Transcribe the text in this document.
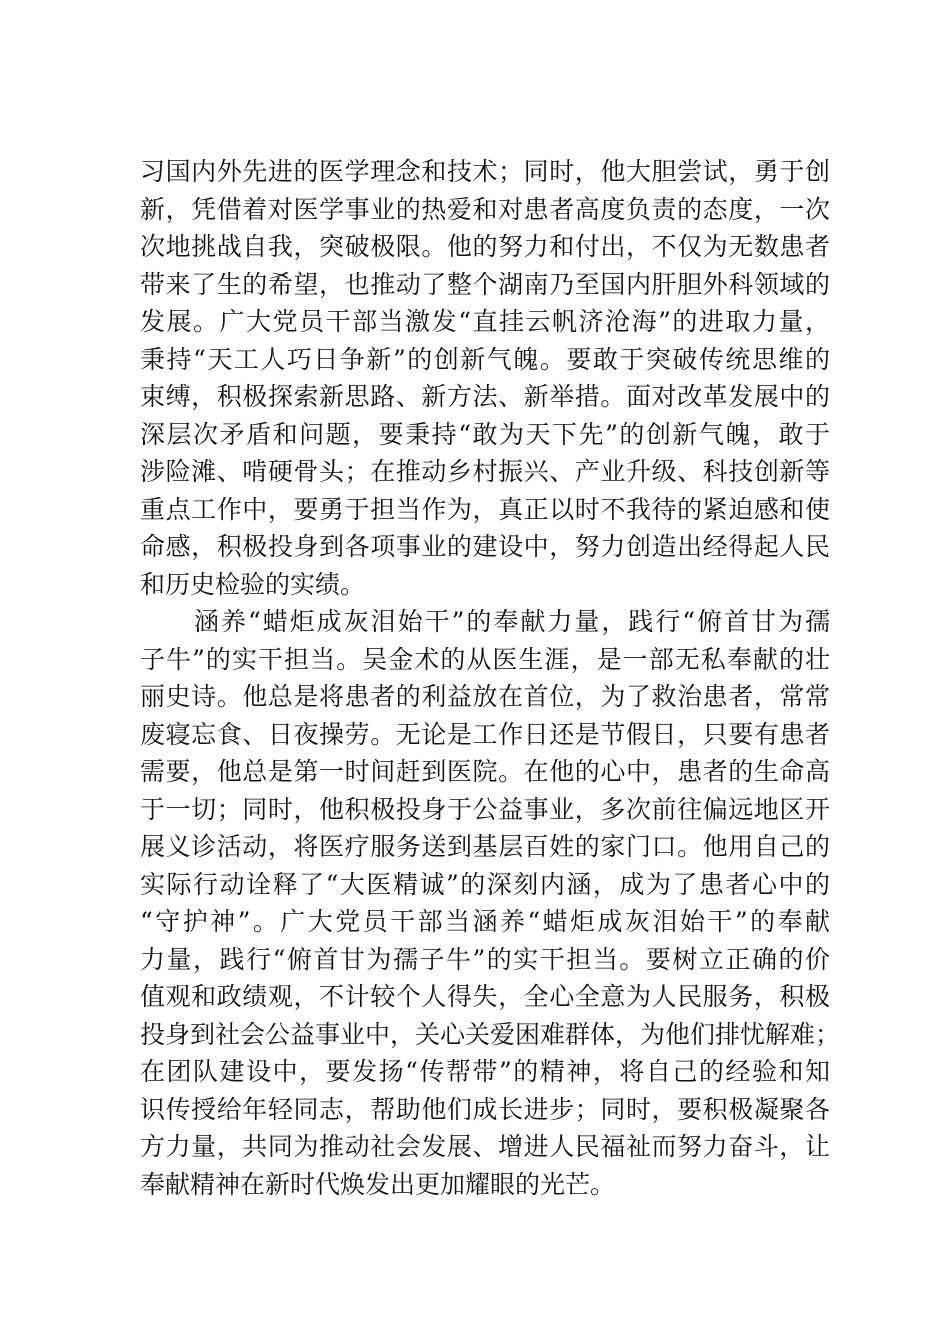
习国内外先进的医学理念和技术；同时，他大胆尝试，勇于创
新，凭借着对医学事业的热爱和对患者高度负责的态度，一次
次地挑战自我，突破极限。他的努力和付出，不仅为无数患者
带来了生的希望，也推动了整个湖南乃至国内肝胆外科领域的
发展。广大党员干部当激发“直挂云帆济沧海”的进取力量，
秉持“天工人巧日争新”的创新气魄。要敢于突破传统思维的
束缚，积极探索新思路、新方法、新举措。面对改革发展中的
深层次矛盾和问题，要秉持“敢为天下先”的创新气魄，敢于
涉险滩、啃硬骨头；在推动乡村振兴、产业升级、科技创新等
重点工作中，要勇于担当作为，真正以时不我待的紧迫感和使
命感，积极投身到各项事业的建设中，努力创造出经得起人民
和历史检验的实绩。
　　涵养“蜡炬成灰泪始干”的奉献力量，践行“俯首甘为孺
子牛”的实干担当。吴金术的从医生涯，是一部无私奉献的壮
丽史诗。他总是将患者的利益放在首位，为了救治患者，常常
废寝忘食、日夜操劳。无论是工作日还是节假日，只要有患者
需要，他总是第一时间赶到医院。在他的心中，患者的生命高
于一切；同时，他积极投身于公益事业，多次前往偏远地区开
展义诊活动，将医疗服务送到基层百姓的家门口。他用自己的
实际行动诠释了“大医精诚”的深刻内涵，成为了患者心中的
“守护神”。广大党员干部当涵养“蜡炬成灰泪始干”的奉献
力量，践行“俯首甘为孺子牛”的实干担当。要树立正确的价
值观和政绩观，不计较个人得失，全心全意为人民服务，积极
投身到社会公益事业中，关心关爱困难群体，为他们排忧解难；
在团队建设中，要发扬“传帮带”的精神，将自己的经验和知
识传授给年轻同志，帮助他们成长进步；同时，要积极凝聚各
方力量，共同为推动社会发展、增进人民福祉而努力奋斗，让
奉献精神在新时代焕发出更加耀眼的光芒。
